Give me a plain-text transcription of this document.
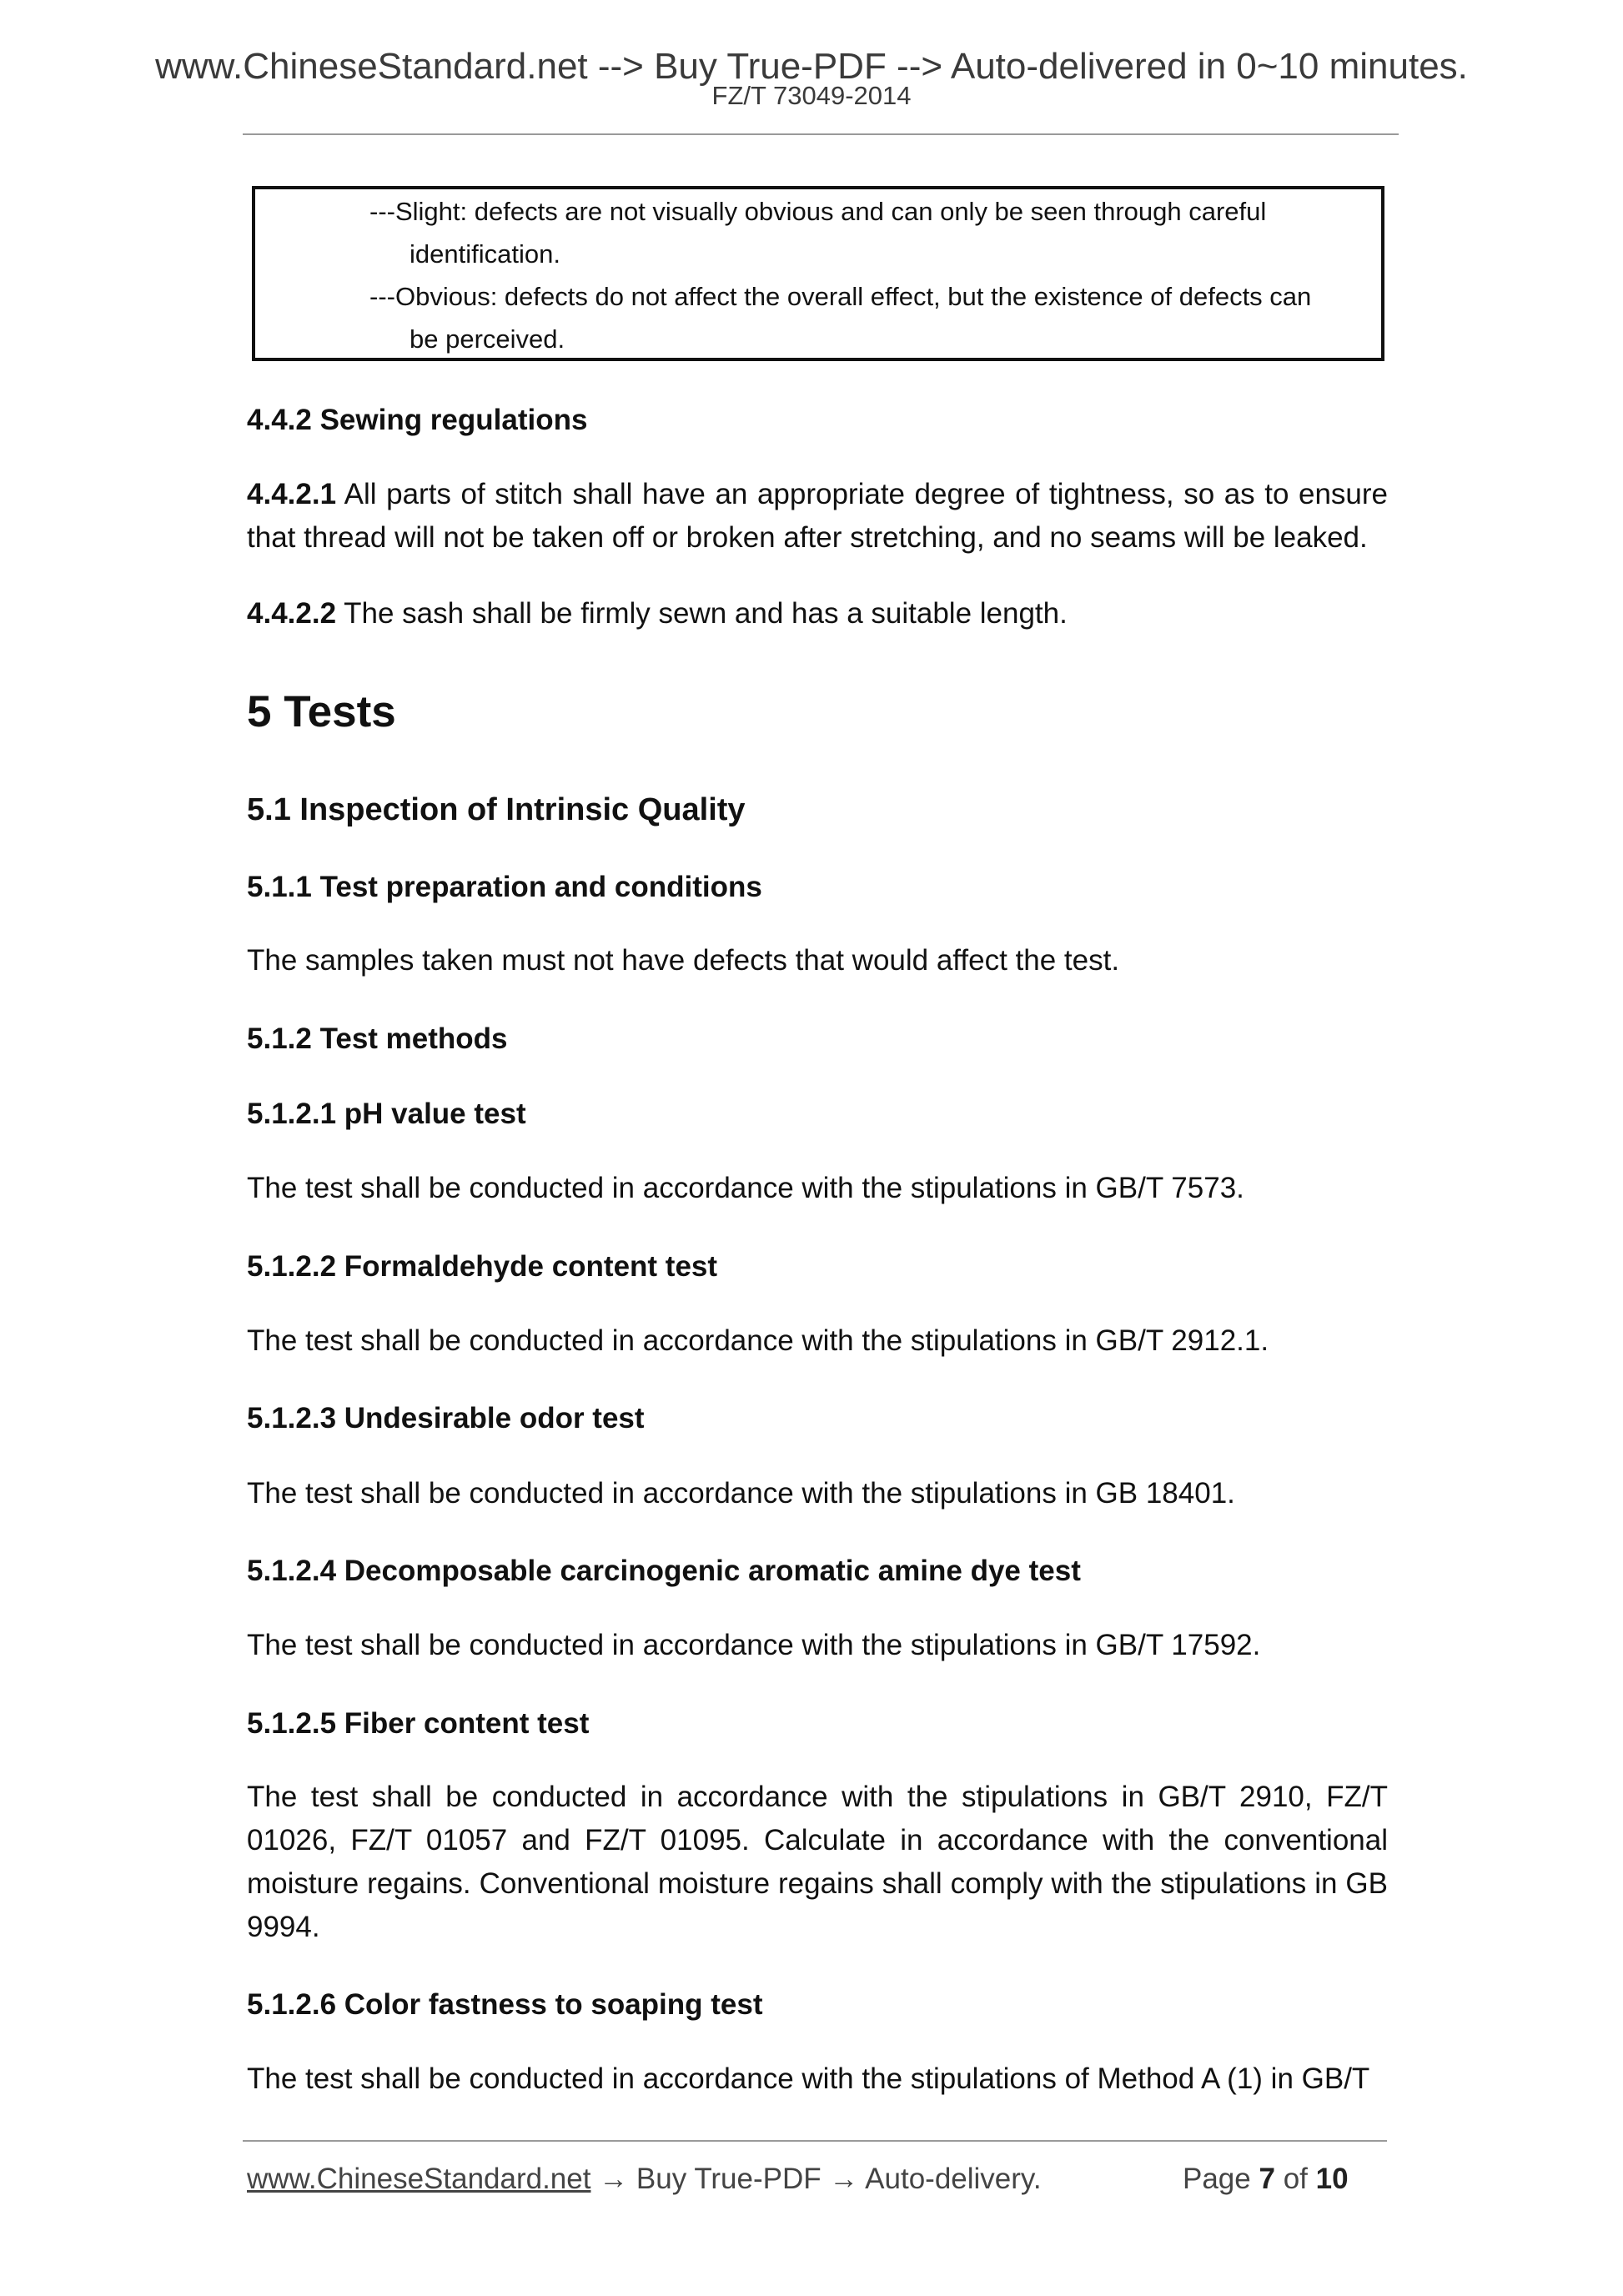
www.ChineseStandard.net --> Buy True-PDF --> Auto-delivered in 0~10 minutes.
FZ/T 73049-2014
---Slight: defects are not visually obvious and can only be seen through careful
identification.
---Obvious: defects do not affect the overall effect, but the existence of defects can
be perceived.
4.4.2 Sewing regulations
4.4.2.1 All parts of stitch shall have an appropriate degree of tightness, so as to ensure that thread will not be taken off or broken after stretching, and no seams will be leaked.
4.4.2.2 The sash shall be firmly sewn and has a suitable length.
5 Tests
5.1 Inspection of Intrinsic Quality
5.1.1 Test preparation and conditions
The samples taken must not have defects that would affect the test.
5.1.2 Test methods
5.1.2.1 pH value test
The test shall be conducted in accordance with the stipulations in GB/T 7573.
5.1.2.2 Formaldehyde content test
The test shall be conducted in accordance with the stipulations in GB/T 2912.1.
5.1.2.3 Undesirable odor test
The test shall be conducted in accordance with the stipulations in GB 18401.
5.1.2.4 Decomposable carcinogenic aromatic amine dye test
The test shall be conducted in accordance with the stipulations in GB/T 17592.
5.1.2.5 Fiber content test
The test shall be conducted in accordance with the stipulations in GB/T 2910, FZ/T 01026, FZ/T 01057 and FZ/T 01095. Calculate in accordance with the conventional moisture regains. Conventional moisture regains shall comply with the stipulations in GB 9994.
5.1.2.6 Color fastness to soaping test
The test shall be conducted in accordance with the stipulations of Method A (1) in GB/T
www.ChineseStandard.net → Buy True-PDF → Auto-delivery.	Page 7 of 10
